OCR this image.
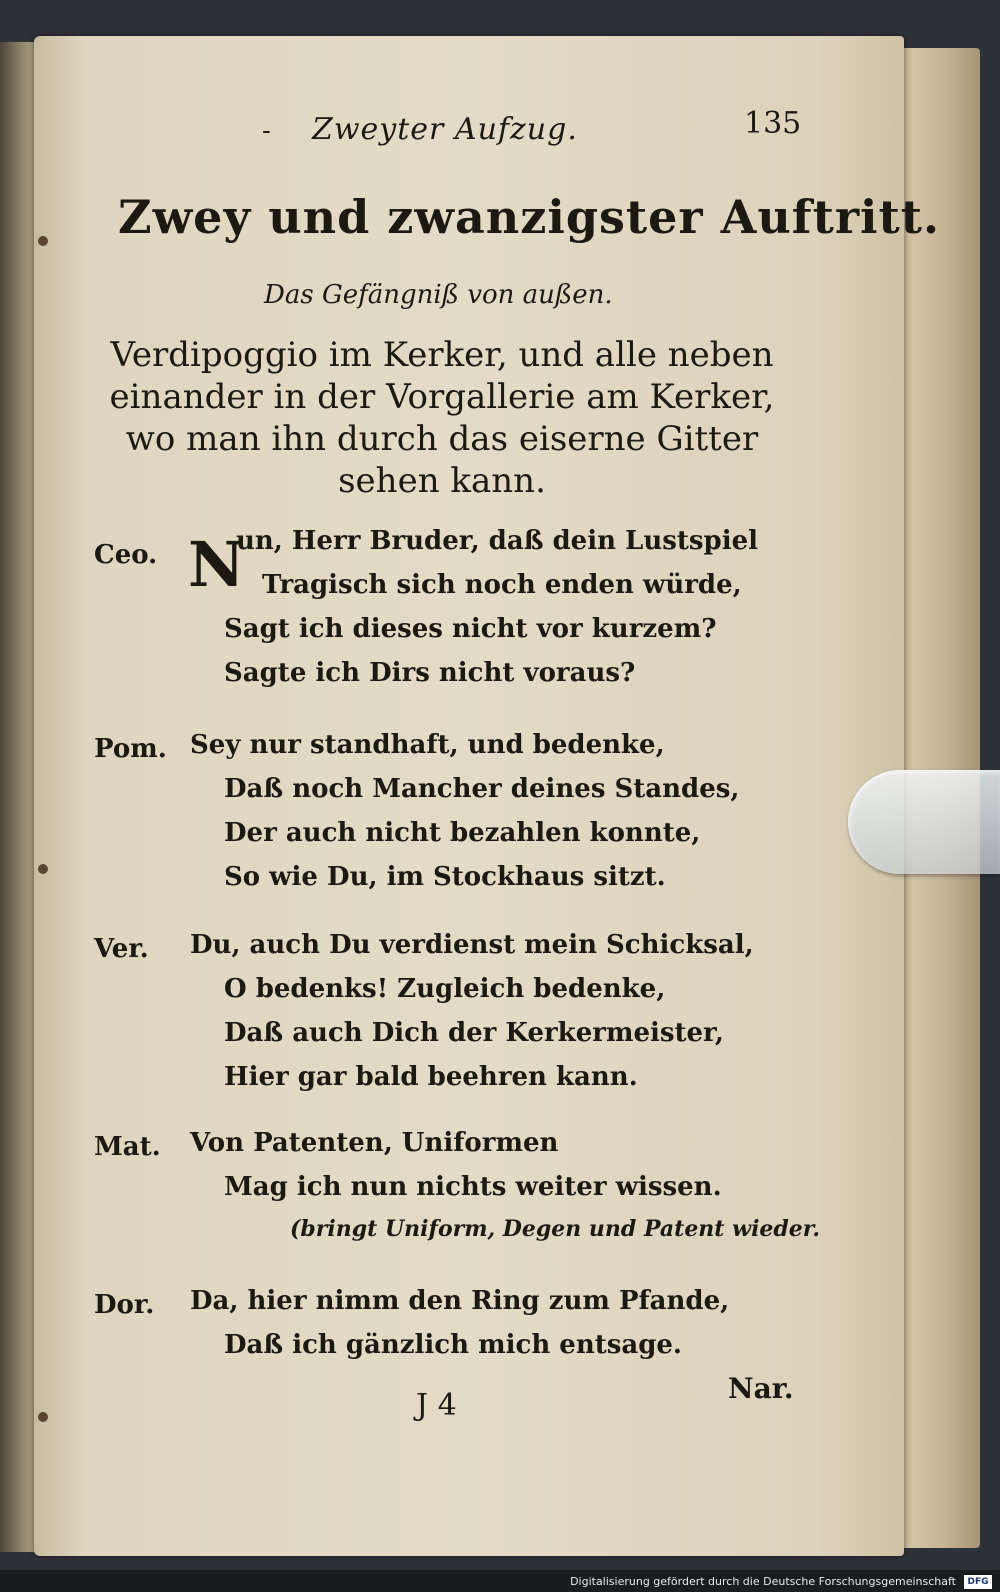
- Zweyter Aufzug.	135
Zwey und zwanzigster Auftritt.
Das Gefängniß von außen.
Verdipoggio im Kerker, und alle neben einander in der Vorgallerie am Kerker, wo man ihn durch das eiserne Gitter sehen kann.
Ceo. N
un, Herr Bruder, daß dein Lustspiel
Tragisch sich noch enden würde,
Sagt ich dieses nicht vor kurzem?
Sagte ich Dirs nicht voraus?
Pom. Sey nur standhaft, und bedenke,
Daß noch Mancher deines Standes,
Der auch nicht bezahlen konnte,
So wie Du, im Stockhaus sitzt.
Ver. Du, auch Du verdienst mein Schicksal,
O bedenks! Zugleich bedenke,
Daß auch Dich der Kerkermeister,
Hier gar bald beehren kann.
Mat. Von Patenten, Uniformen
Mag ich nun nichts weiter wissen.
(bringt Uniform, Degen und Patent wieder.
Dor. Da, hier nimm den Ring zum Pfande,
Daß ich gänzlich mich entsage.
J 4	Nar.
Digitalisierung gefördert durch die Deutsche Forschungsgemeinschaft	DFG
